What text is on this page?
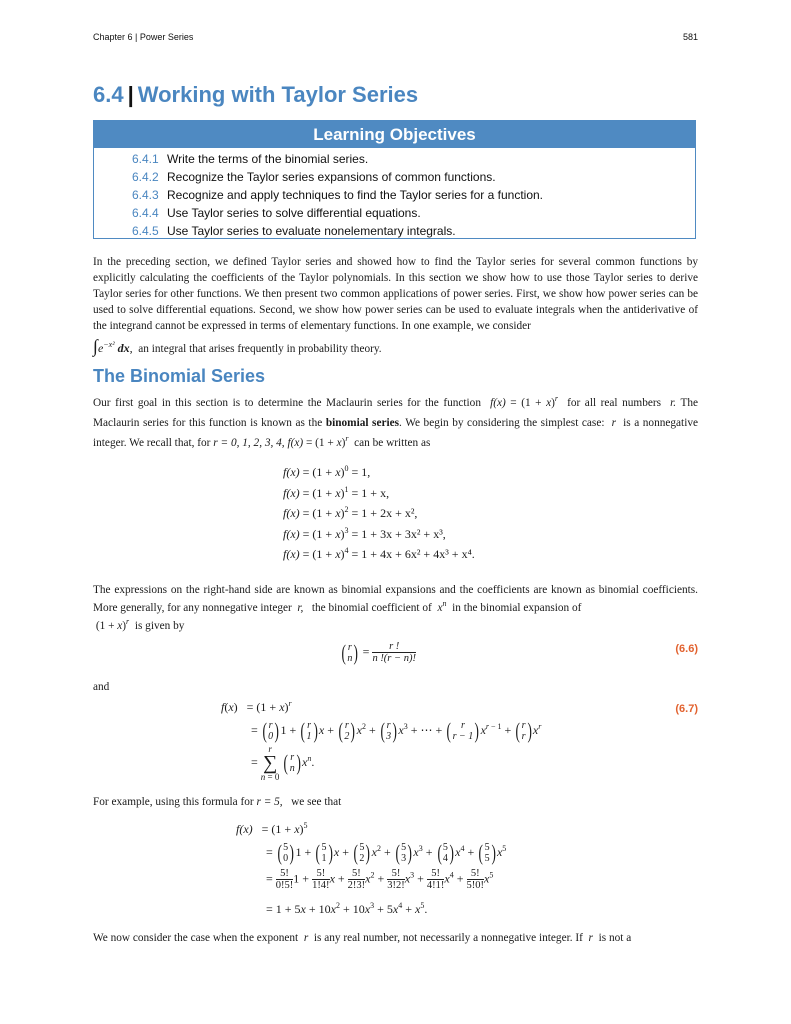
Chapter 6 | Power Series	581
6.4 | Working with Taylor Series
Learning Objectives
6.4.1 Write the terms of the binomial series.
6.4.2 Recognize the Taylor series expansions of common functions.
6.4.3 Recognize and apply techniques to find the Taylor series for a function.
6.4.4 Use Taylor series to solve differential equations.
6.4.5 Use Taylor series to evaluate nonelementary integrals.
In the preceding section, we defined Taylor series and showed how to find the Taylor series for several common functions by explicitly calculating the coefficients of the Taylor polynomials. In this section we show how to use those Taylor series to derive Taylor series for other functions. We then present two common applications of power series. First, we show how power series can be used to solve differential equations. Second, we show how power series can be used to evaluate integrals when the antiderivative of the integrand cannot be expressed in terms of elementary functions. In one example, we consider
$\int e^{-x^2}$ dx, an integral that arises frequently in probability theory.
The Binomial Series
Our first goal in this section is to determine the Maclaurin series for the function  $f(x) = (1 + x)^r$ for all real numbers  r. The Maclaurin series for this function is known as the binomial series. We begin by considering the simplest case:  r  is a nonnegative integer. We recall that, for r = 0, 1, 2, 3, 4, $f(x) = (1 + x)^r$ can be written as
$f(x) = (1 + x)^0 = 1$,
$f(x) = (1 + x)^1 = 1 + x$,
$f(x) = (1 + x)^2 = 1 + 2x + x^2$,
$f(x) = (1 + x)^3 = 1 + 3x + 3x^2 + x^3$,
$f(x) = (1 + x)^4 = 1 + 4x + 6x^2 + 4x^3 + x^4$.
The expressions on the right-hand side are known as binomial expansions and the coefficients are known as binomial coefficients. More generally, for any nonnegative integer  r,   the binomial coefficient of  $x^n$ in the binomial expansion of
$(1 + x)^r$ is given by
( r
n ) = $\frac{r !}{n !(r - n)!}$	(6.6)
and
$f(x) = (1 + x)^r$
= ( r
0 )1 + ( r
1 )x + ( r
2 )$x^2$ + ( r
3 )$x^3$ + ⋯ + ( r
r − 1 )$x^{r - 1}$ + ( r
r )$x^r$
=
r
∑
n = 0
( r
n )$x^n$.
(6.7)
For example, using this formula for r = 5, we see that
$f(x) = (1 + x)^5$
= ( 5
0 )1 + ( 5
1 )x + ( 5
2 )$x^2$ + ( 5
3 )$x^3$ + ( 5
4 )$x^4$ + ( 5
5 )$x^5$
= $\frac{5!}{0!5!} 1 + \frac{5!}{1!4!}$ $x + \frac{5!}{2!3!} x^2 + \frac{5!}{3!2!} x^3 + \frac{5!}{4!1!} x^4 + \frac{5!}{5!0!} x^5$
= $1 + 5x + 10x^2 + 10x^3 + 5x^4 + x^5$.
We now consider the case when the exponent  r  is any real number, not necessarily a nonnegative integer. If  r  is not a
